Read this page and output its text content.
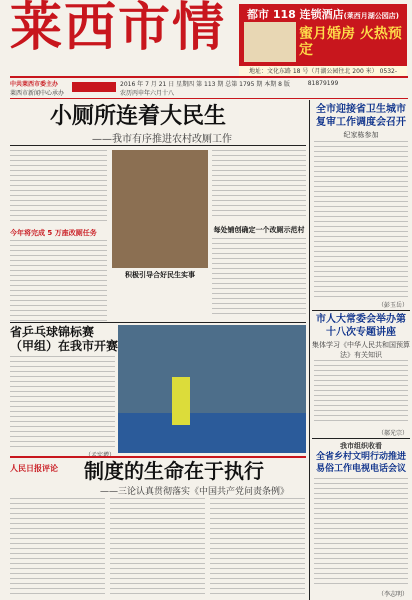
莱西市情	都市 118 连锁酒店(莱西月湖公园店)
蜜月婚房 火热预定
地址：文化东路 18 号（月湖公园往北 200 米） 0532-81879199
中共莱西市委主办
莱西市新闻中心承办
2016 年 7 月 21 日 星期四 第 113 期 总第 1795 期 本期 8 版
农历丙申年六月十八
小厕所连着大民生
——我市有序推进农村改厕工作
今年将完成 5 万座改厕任务
积极引导合好民生实事
每处铺创确定一个改厕示范村
全市迎接省卫生城市复审工作调度会召开
纪家栋参加
（彭玉岳）
市人大常委会举办第十八次专题讲座
集体学习《中华人民共和国预算法》有关知识
（郝光宗）
我市组织收看
全省乡村文明行动推进易俗工作电视电话会议
（李志明）
省乒乓球锦标赛
（甲组）在我市开赛
人民日报评论	制度的生命在于执行
——三论认真贯彻落实《中国共产党问责条例》
